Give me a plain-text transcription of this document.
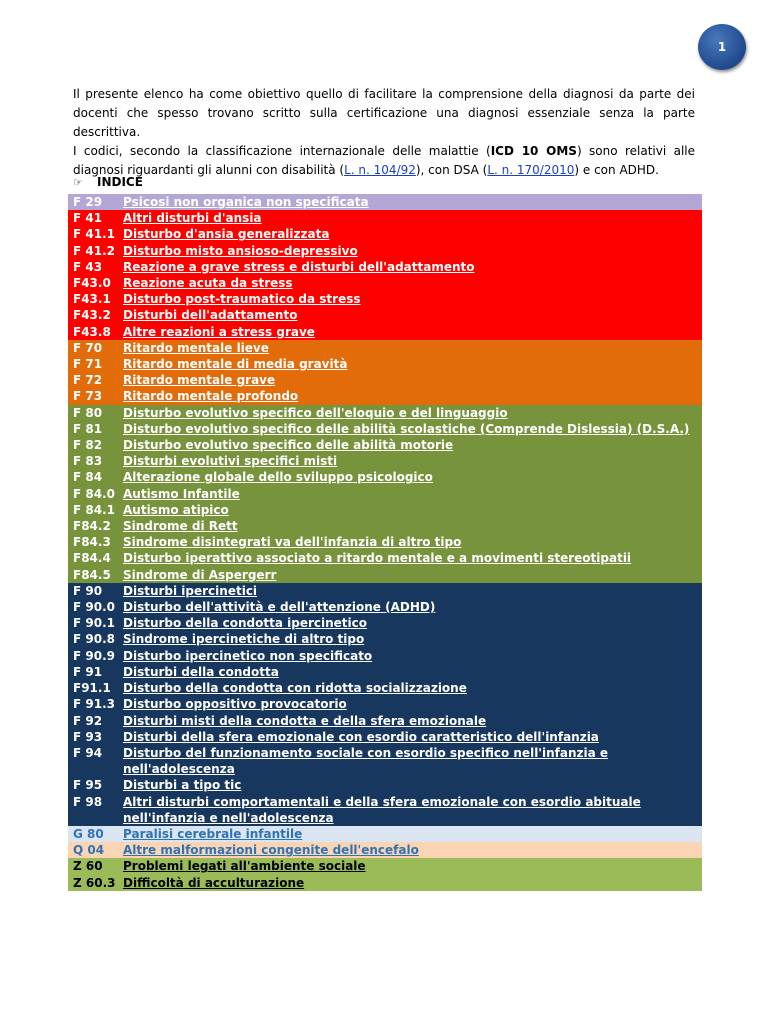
1

Il presente elenco ha come obiettivo quello di facilitare la comprensione della diagnosi da parte dei docenti che spesso trovano scritto sulla certificazione una diagnosi essenziale senza la parte descrittiva.

I codici, secondo la classificazione internazionale delle malattie (ICD 10 OMS) sono relativi alle diagnosi riguardanti gli alunni con disabilità (L. n. 104/92), con DSA (L. n. 170/2010) e con ADHD.

☞	INDICE
F 29	Psicosi non organica non specificata
F 41	Altri disturbi d'ansia
F 41.1 Disturbo d'ansia generalizzata
F 41.2 Disturbo misto ansioso-depressivo
F 43	Reazione a grave stress e disturbi dell'adattamento
F43.0	Reazione acuta da stress
F43.1	Disturbo post-traumatico da stress
F43.2	Disturbi dell'adattamento
F43.8	Altre reazioni a stress grave
F 70	Ritardo mentale lieve
F 71	Ritardo mentale di media gravità
F 72	Ritardo mentale grave
F 73	Ritardo mentale profondo
F 80	Disturbo evolutivo specifico dell'eloquio e del linguaggio
F 81	Disturbo evolutivo specifico delle abilità scolastiche (Comprende Dislessia) (D.S.A.)
F 82	Disturbo evolutivo specifico delle abilità motorie
F 83	Disturbi evolutivi specifici misti
F 84	Alterazione globale dello sviluppo psicologico
F 84.0 Autismo Infantile
F 84.1 Autismo atipico
F84.2	Sindrome di Rett
F84.3	Sindrome disintegrati va dell'infanzia di altro tipo
F84.4	Disturbo iperattivo associato a ritardo mentale e a movimenti stereotipatii
F84.5	Sindrome di Aspergerr
F 90	Disturbi ipercinetici
F 90.0 Disturbo dell'attività e dell'attenzione (ADHD)
F 90.1 Disturbo della condotta ipercinetico
F 90.8 Sindrome ipercinetiche di altro tipo
F 90.9 Disturbo ipercinetico non specificato
F 91	Disturbi della condotta
F91.1	Disturbo della condotta con ridotta socializzazione
F 91.3 Disturbo oppositivo provocatorio
F 92	Disturbi misti della condotta e della sfera emozionale
F 93	Disturbi della sfera emozionale con esordio caratteristico dell'infanzia
F 94	Disturbo del funzionamento sociale con esordio specifico nell'infanzia e nell'adolescenza
F 95	Disturbi a tipo tic
F 98	Altri disturbi comportamentali e della sfera emozionale con esordio abituale nell'infanzia e nell'adolescenza
G 80	Paralisi cerebrale infantile
Q 04	Altre malformazioni congenite dell'encefalo
Z 60	Problemi legati all'ambiente sociale
Z 60.3 Difficoltà di acculturazione
